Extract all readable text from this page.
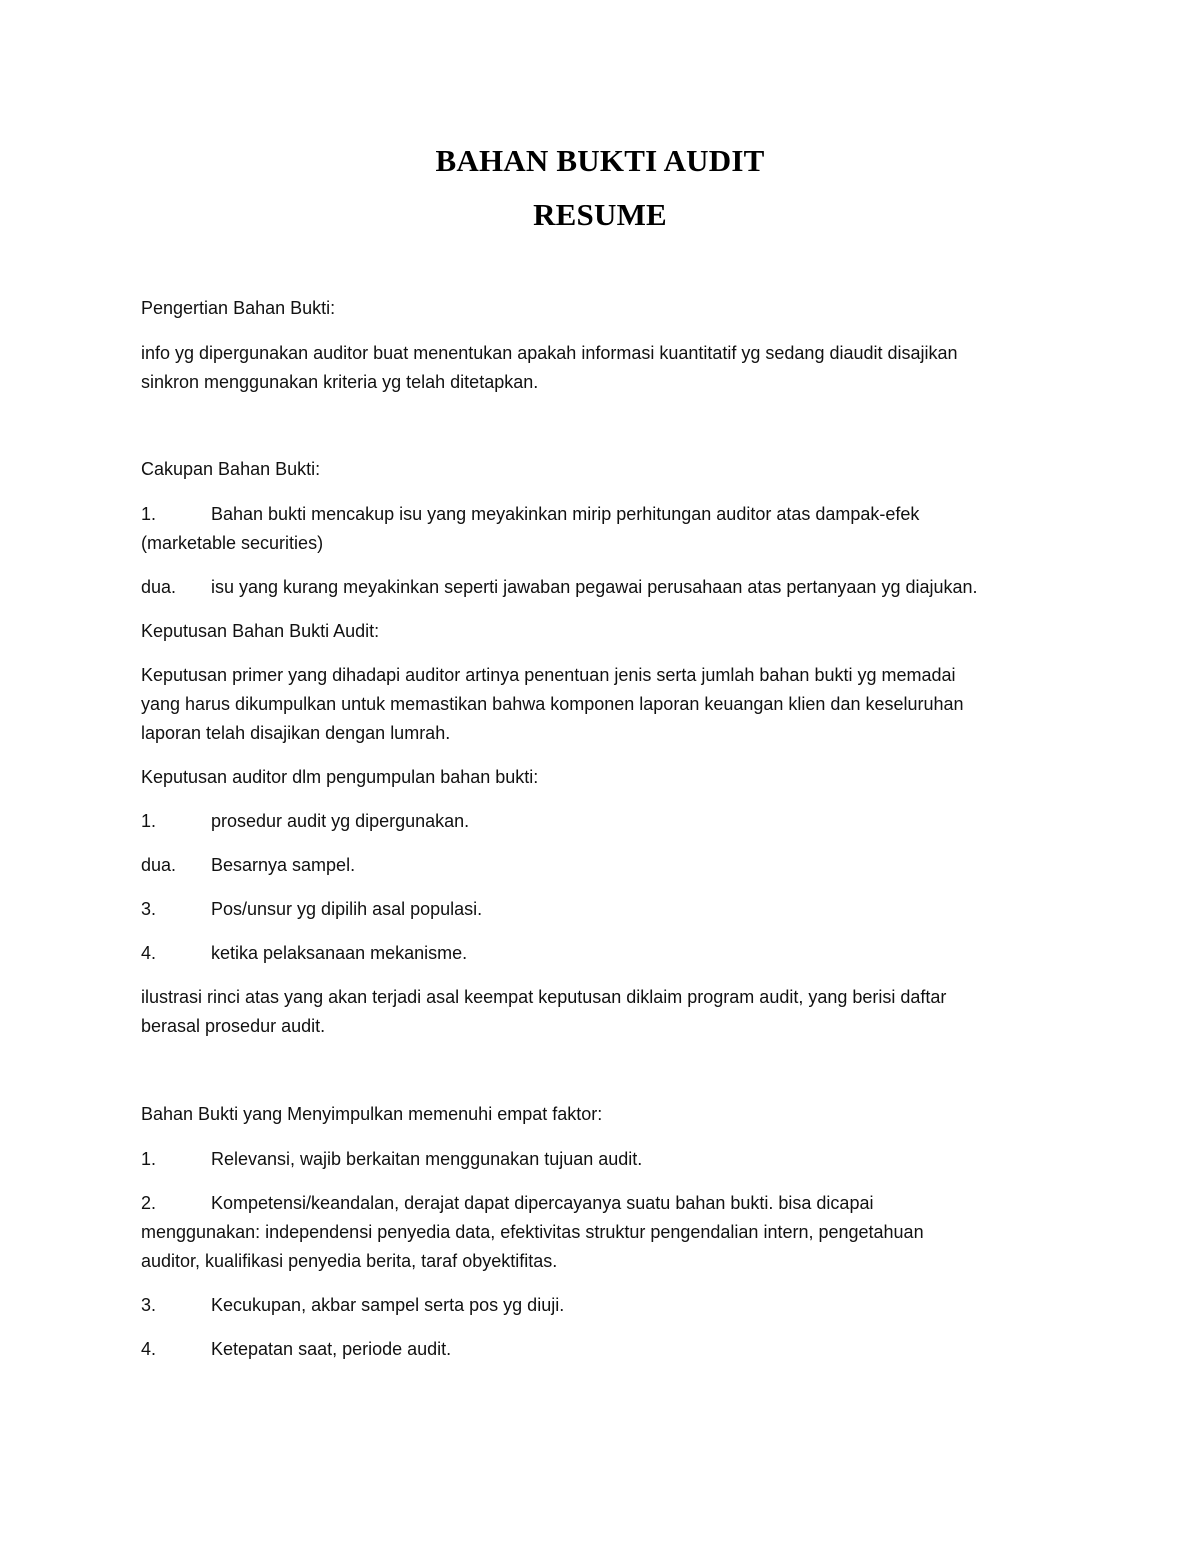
BAHAN BUKTI AUDIT
RESUME
Pengertian Bahan Bukti:
info yg dipergunakan auditor buat menentukan apakah informasi kuantitatif yg sedang diaudit disajikan
sinkron menggunakan kriteria yg telah ditetapkan.
Cakupan Bahan Bukti:
1.	Bahan bukti mencakup isu yang meyakinkan mirip perhitungan auditor atas dampak-efek
(marketable securities)
dua. isu yang kurang meyakinkan seperti jawaban pegawai perusahaan atas pertanyaan yg diajukan.
Keputusan Bahan Bukti Audit:
Keputusan primer yang dihadapi auditor artinya penentuan jenis serta jumlah bahan bukti yg memadai
yang harus dikumpulkan untuk memastikan bahwa komponen laporan keuangan klien dan keseluruhan
laporan telah disajikan dengan lumrah.
Keputusan auditor dlm pengumpulan bahan bukti:
1.	prosedur audit yg dipergunakan.
dua. Besarnya sampel.
3.	Pos/unsur yg dipilih asal populasi.
4.	ketika pelaksanaan mekanisme.
ilustrasi rinci atas yang akan terjadi asal keempat keputusan diklaim program audit, yang berisi daftar
berasal prosedur audit.
Bahan Bukti yang Menyimpulkan memenuhi empat faktor:
1.	Relevansi, wajib berkaitan menggunakan tujuan audit.
2.	Kompetensi/keandalan, derajat dapat dipercayanya suatu bahan bukti. bisa dicapai
menggunakan: independensi penyedia data, efektivitas struktur pengendalian intern, pengetahuan
auditor, kualifikasi penyedia berita, taraf obyektifitas.
3.	Kecukupan, akbar sampel serta pos yg diuji.
4.	Ketepatan saat, periode audit.
